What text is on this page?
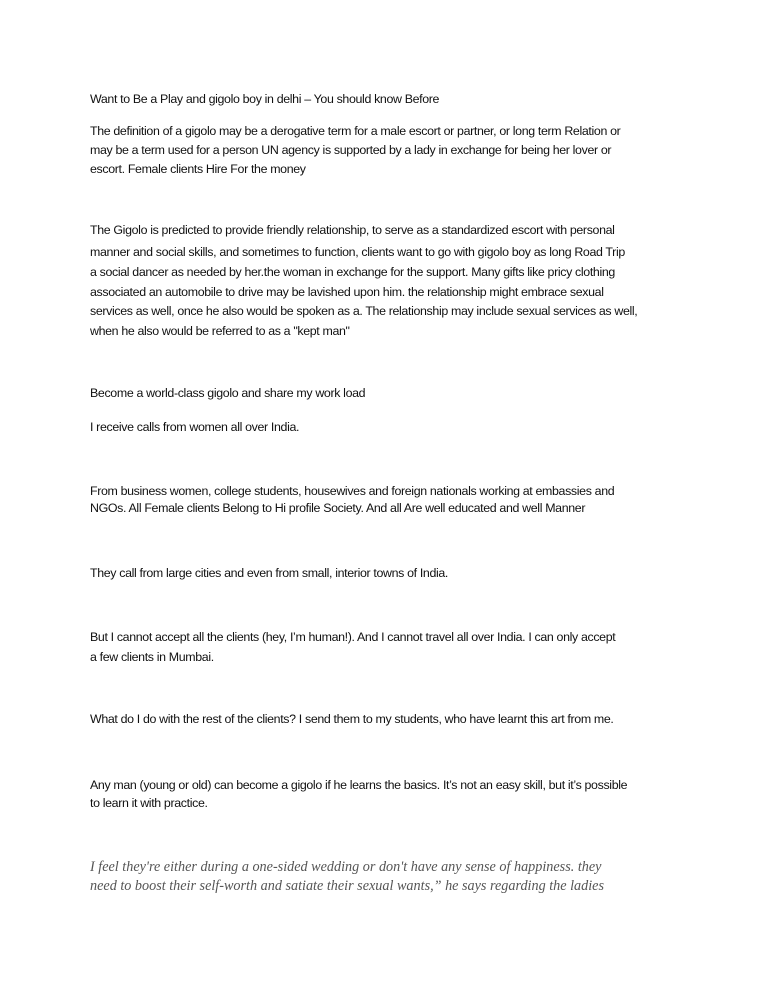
Want to Be a Play and gigolo boy in delhi – You should know Before

The definition of a gigolo may be a derogative term for a male escort or partner, or long term Relation or

may be a term used for a person UN agency is supported by a lady in exchange for being her lover or

escort. Female clients Hire For the money

The Gigolo is predicted to provide friendly relationship, to serve as a standardized escort with personal

manner and social skills, and sometimes to function, clients want to go with gigolo boy as long Road Trip

a social dancer as needed by her.the woman in exchange for the support. Many gifts like pricy clothing

associated an automobile to drive may be lavished upon him. the relationship might embrace sexual

services as well, once he also would be spoken as a. The relationship may include sexual services as well,

when he also would be referred to as a "kept man"

Become a world-class gigolo and share my work load

I receive calls from women all over India.

From business women, college students, housewives and foreign nationals working at embassies and

NGOs. All Female clients Belong to Hi profile Society. And all Are well educated and well Manner

They call from large cities and even from small, interior towns of India.

But I cannot accept all the clients (hey, I’m human!). And I cannot travel all over India. I can only accept

a few clients in Mumbai.

What do I do with the rest of the clients? I send them to my students, who have learnt this art from me.

Any man (young or old) can become a gigolo if he learns the basics. It’s not an easy skill, but it’s possible

to learn it with practice.

I feel they're either during a one-sided wedding or don't have any sense of happiness. they

need to boost their self-worth and satiate their sexual wants,” he says regarding the ladies
